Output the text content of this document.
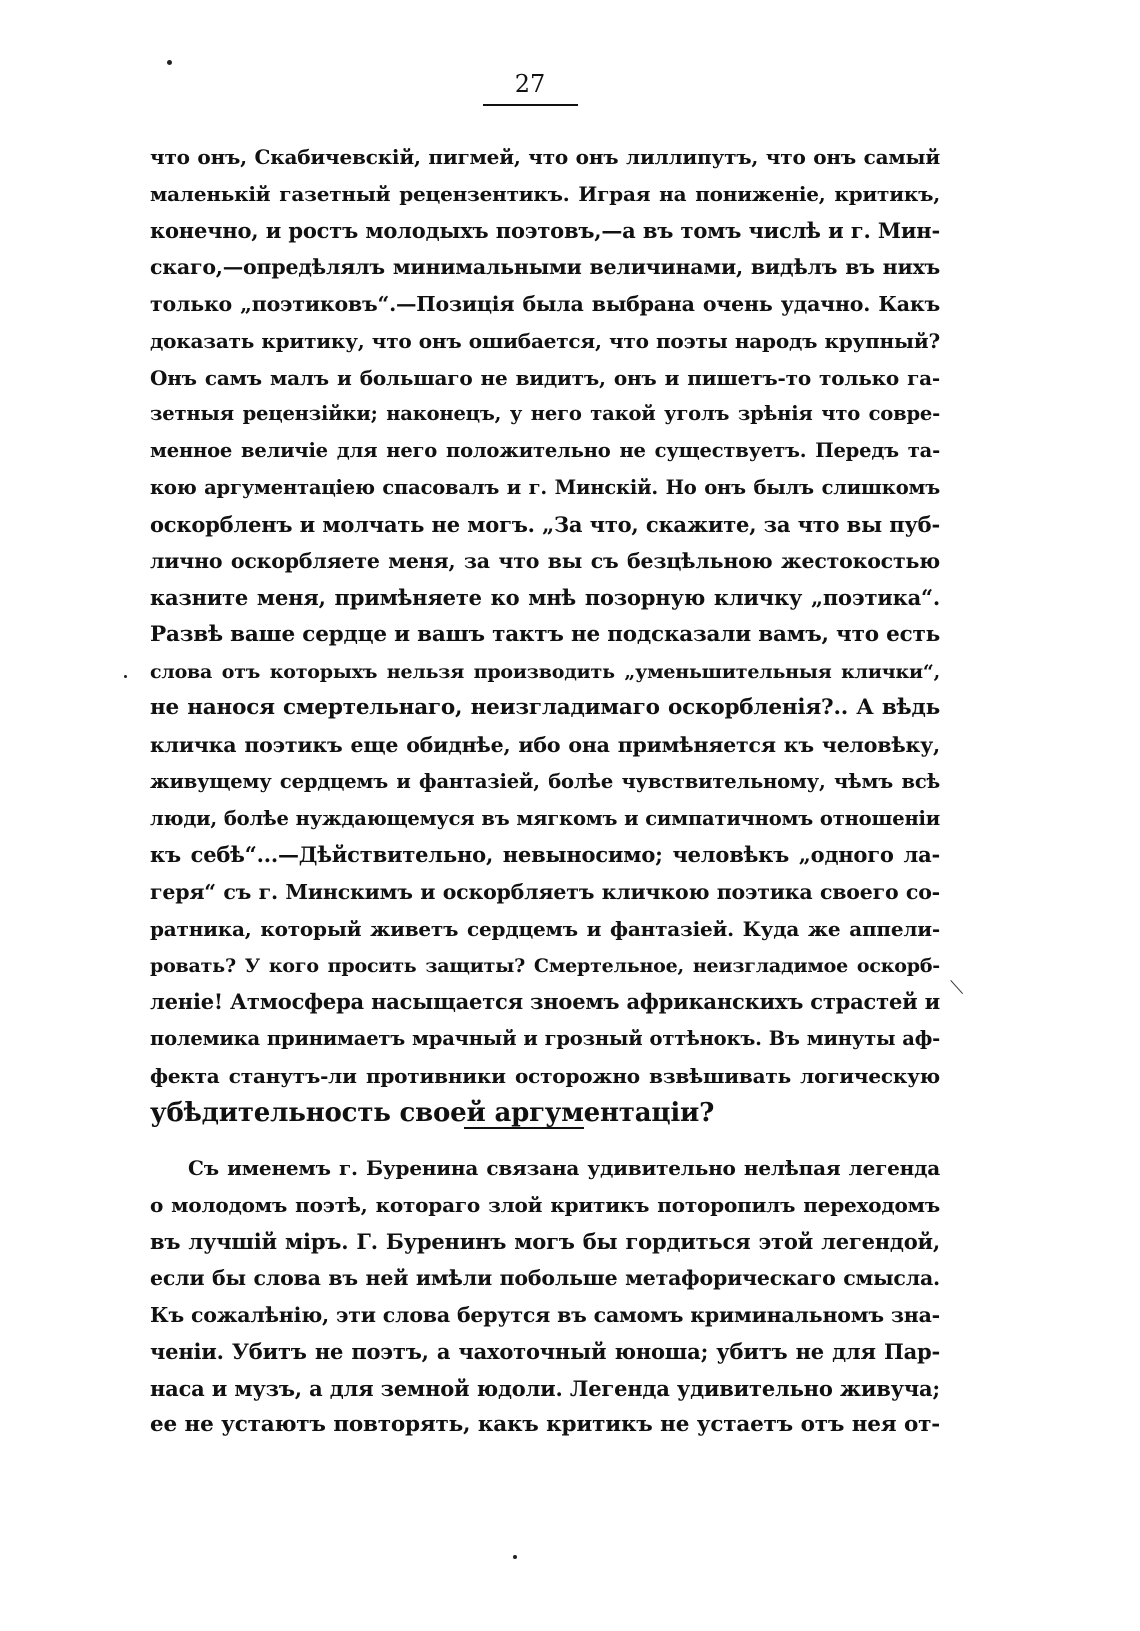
27
что онъ, Скабичевскій, пигмей, что онъ лиллипутъ, что онъ самый
маленькій газетный рецензентикъ. Играя на пониженіе, критикъ,
конечно, и ростъ молодыхъ поэтовъ,—а въ томъ числѣ и г. Мин-
скаго,—опредѣлялъ минимальными величинами, видѣлъ въ нихъ
только „поэтиковъ“.—Позиція была выбрана очень удачно. Какъ
доказать критику, что онъ ошибается, что поэты народъ крупный?
Онъ самъ малъ и большаго не видитъ, онъ и пишетъ-то только га-
зетныя рецензійки; наконецъ, у него такой уголъ зрѣнія что совре-
менное величіе для него положительно не существуетъ. Передъ та-
кою аргументаціею спасовалъ и г. Минскій. Но онъ былъ слишкомъ
оскорбленъ и молчать не могъ. „За что, скажите, за что вы пуб-
лично оскорбляете меня, за что вы съ безцѣльною жестокостью
казните меня, примѣняете ко мнѣ позорную кличку „поэтика“.
Развѣ ваше сердце и вашъ тактъ не подсказали вамъ, что есть
слова отъ которыхъ нельзя производить „уменьшительныя клички“,
не нанося смертельнаго, неизгладимаго оскорбленія?.. А вѣдь
кличка поэтикъ еще обиднѣе, ибо она примѣняется къ человѣку,
живущему сердцемъ и фантазіей, болѣе чувствительному, чѣмъ всѣ
люди, болѣе нуждающемуся въ мягкомъ и симпатичномъ отношеніи
къ себѣ“...—Дѣйствительно, невыносимо; человѣкъ „одного ла-
геря“ съ г. Минскимъ и оскорбляетъ кличкою поэтика своего со-
ратника, который живетъ сердцемъ и фантазіей. Куда же аппели-
ровать? У кого просить защиты? Смертельное, неизгладимое оскорб-
леніе! Атмосфера насыщается зноемъ африканскихъ страстей и
полемика принимаетъ мрачный и грозный оттѣнокъ. Въ минуты аф-
фекта станутъ-ли противники осторожно взвѣшивать логическую
убѣдительность своей аргументаціи?
Съ именемъ г. Буренина связана удивительно нелѣпая легенда
о молодомъ поэтѣ, котораго злой критикъ поторопилъ переходомъ
въ лучшій міръ. Г. Буренинъ могъ бы гордиться этой легендой,
если бы слова въ ней имѣли побольше метафорическаго смысла.
Къ сожалѣнію, эти слова берутся въ самомъ криминальномъ зна-
ченіи. Убитъ не поэтъ, а чахоточный юноша; убитъ не для Пар-
наса и музъ, а для земной юдоли. Легенда удивительно живуча;
ее не устаютъ повторять, какъ критикъ не устаетъ отъ нея от-
